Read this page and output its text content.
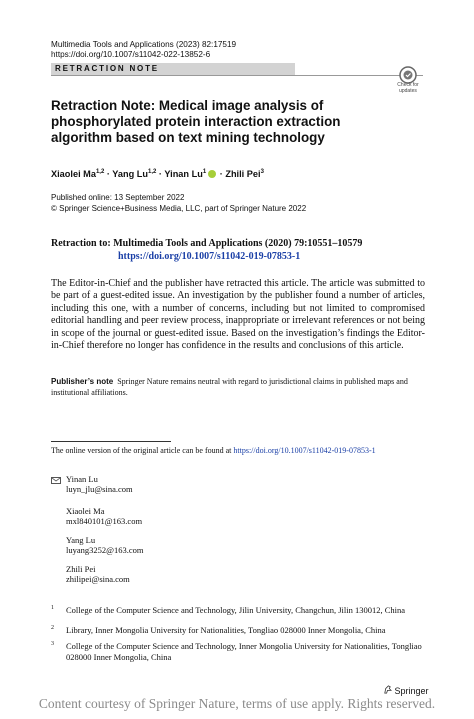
Multimedia Tools and Applications (2023) 82:17519
https://doi.org/10.1007/s11042-022-13852-6
RETRACTION NOTE
Check for updates
Retraction Note: Medical image analysis of phosphorylated protein interaction extraction algorithm based on text mining technology
Xiaolei Ma$^{1,2}$ · Yang Lu$^{1,2}$ · Yinan $Lu^1$ · Zhili Pei$^3$
Published online: 13 September 2022
© Springer Science+Business Media, LLC, part of Springer Nature 2022
Retraction to: Multimedia Tools and Applications (2020) 79:10551–10579
https://doi.org/10.1007/s11042-019-07853-1
The Editor-in-Chief and the publisher have retracted this article. The article was submitted to be part of a guest-edited issue. An investigation by the publisher found a number of articles, including this one, with a number of concerns, including but not limited to compromised editorial handling and peer review process, inappropriate or irrelevant references or not being in scope of the journal or guest-edited issue. Based on the investigation’s findings the Editor-in-Chief therefore no longer has confidence in the results and conclusions of this article.
Publisher’s note Springer Nature remains neutral with regard to jurisdictional claims in published maps and institutional affiliations.
The online version of the original article can be found at https://doi.org/10.1007/s11042-019-07853-1
Yinan Lu
luyn_jlu@sina.com
Xiaolei Ma
mxl840101@163.com
Yang Lu
luyang3252@163.com
Zhili Pei
zhilipei@sina.com
1 College of the Computer Science and Technology, Jilin University, Changchun, Jilin 130012, China
2 Library, Inner Mongolia University for Nationalities, Tongliao 028000 Inner Mongolia, China
3 College of the Computer Science and Technology, Inner Mongolia University for Nationalities, Tongliao 028000 Inner Mongolia, China
Springer
Content courtesy of Springer Nature, terms of use apply. Rights reserved.
